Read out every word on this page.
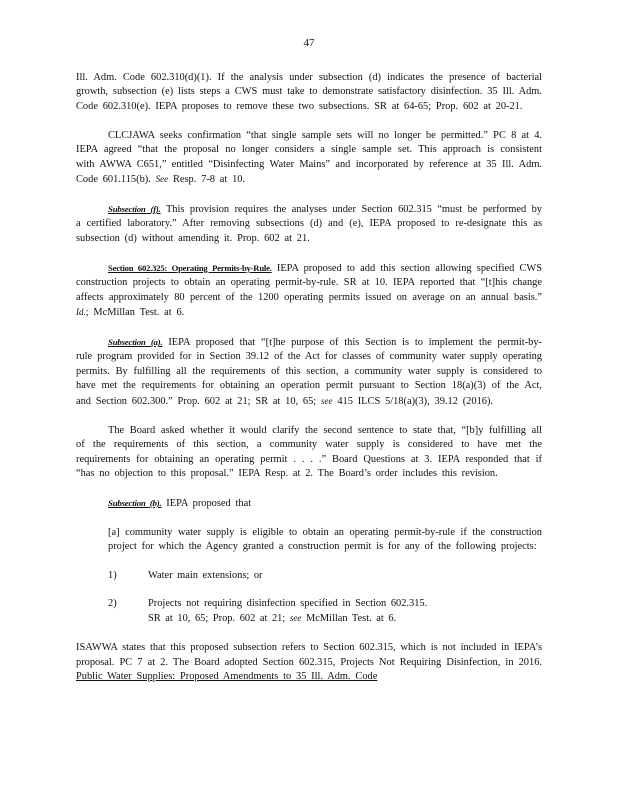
47

Ill. Adm. Code 602.310(d)(1). If the analysis under subsection (d) indicates the presence of bacterial growth, subsection (e) lists steps a CWS must take to demonstrate satisfactory disinfection. 35 Ill. Adm. Code 602.310(e). IEPA proposes to remove these two subsections. SR at 64-65; Prop. 602 at 20-21.

CLCJAWA seeks confirmation “that single sample sets will no longer be permitted.” PC 8 at 4. IEPA agreed “that the proposal no longer considers a single sample set. This approach is consistent with AWWA C651,” entitled “Disinfecting Water Mains” and incorporated by reference at 35 Ill. Adm. Code 601.115(b). See Resp. 7-8 at 10.

Subsection (f). This provision requires the analyses under Section 602.315 “must be performed by a certified laboratory.” After removing subsections (d) and (e), IEPA proposed to re-designate this as subsection (d) without amending it. Prop. 602 at 21.

Section 602.325: Operating Permits-by-Rule. IEPA proposed to add this section allowing specified CWS construction projects to obtain an operating permit-by-rule. SR at 10. IEPA reported that “[t]his change affects approximately 80 percent of the 1200 operating permits issued on average on an annual basis.” Id.; McMillan Test. at 6.

Subsection (a). IEPA proposed that “[t]he purpose of this Section is to implement the permit-by-rule program provided for in Section 39.12 of the Act for classes of community water supply operating permits. By fulfilling all the requirements of this section, a community water supply is considered to have met the requirements for obtaining an operation permit pursuant to Section 18(a)(3) of the Act, and Section 602.300.” Prop. 602 at 21; SR at 10, 65; see 415 ILCS 5/18(a)(3), 39.12 (2016).

The Board asked whether it would clarify the second sentence to state that, “[b]y fulfilling all of the requirements of this section, a community water supply is considered to have met the requirements for obtaining an operating permit . . . .” Board Questions at 3. IEPA responded that if “has no objection to this proposal.” IEPA Resp. at 2. The Board’s order includes this revision.

Subsection (b). IEPA proposed that

[a] community water supply is eligible to obtain an operating permit-by-rule if the construction project for which the Agency granted a construction permit is for any of the following projects:
1)	Water main extensions; or
2)	Projects not requiring disinfection specified in Section 602.315.
SR at 10, 65; Prop. 602 at 21; see McMillan Test. at 6.

ISAWWA states that this proposed subsection refers to Section 602.315, which is not included in IEPA’s proposal. PC 7 at 2. The Board adopted Section 602.315, Projects Not Requiring Disinfection, in 2016. Public Water Supplies: Proposed Amendments to 35 Ill. Adm. Code
